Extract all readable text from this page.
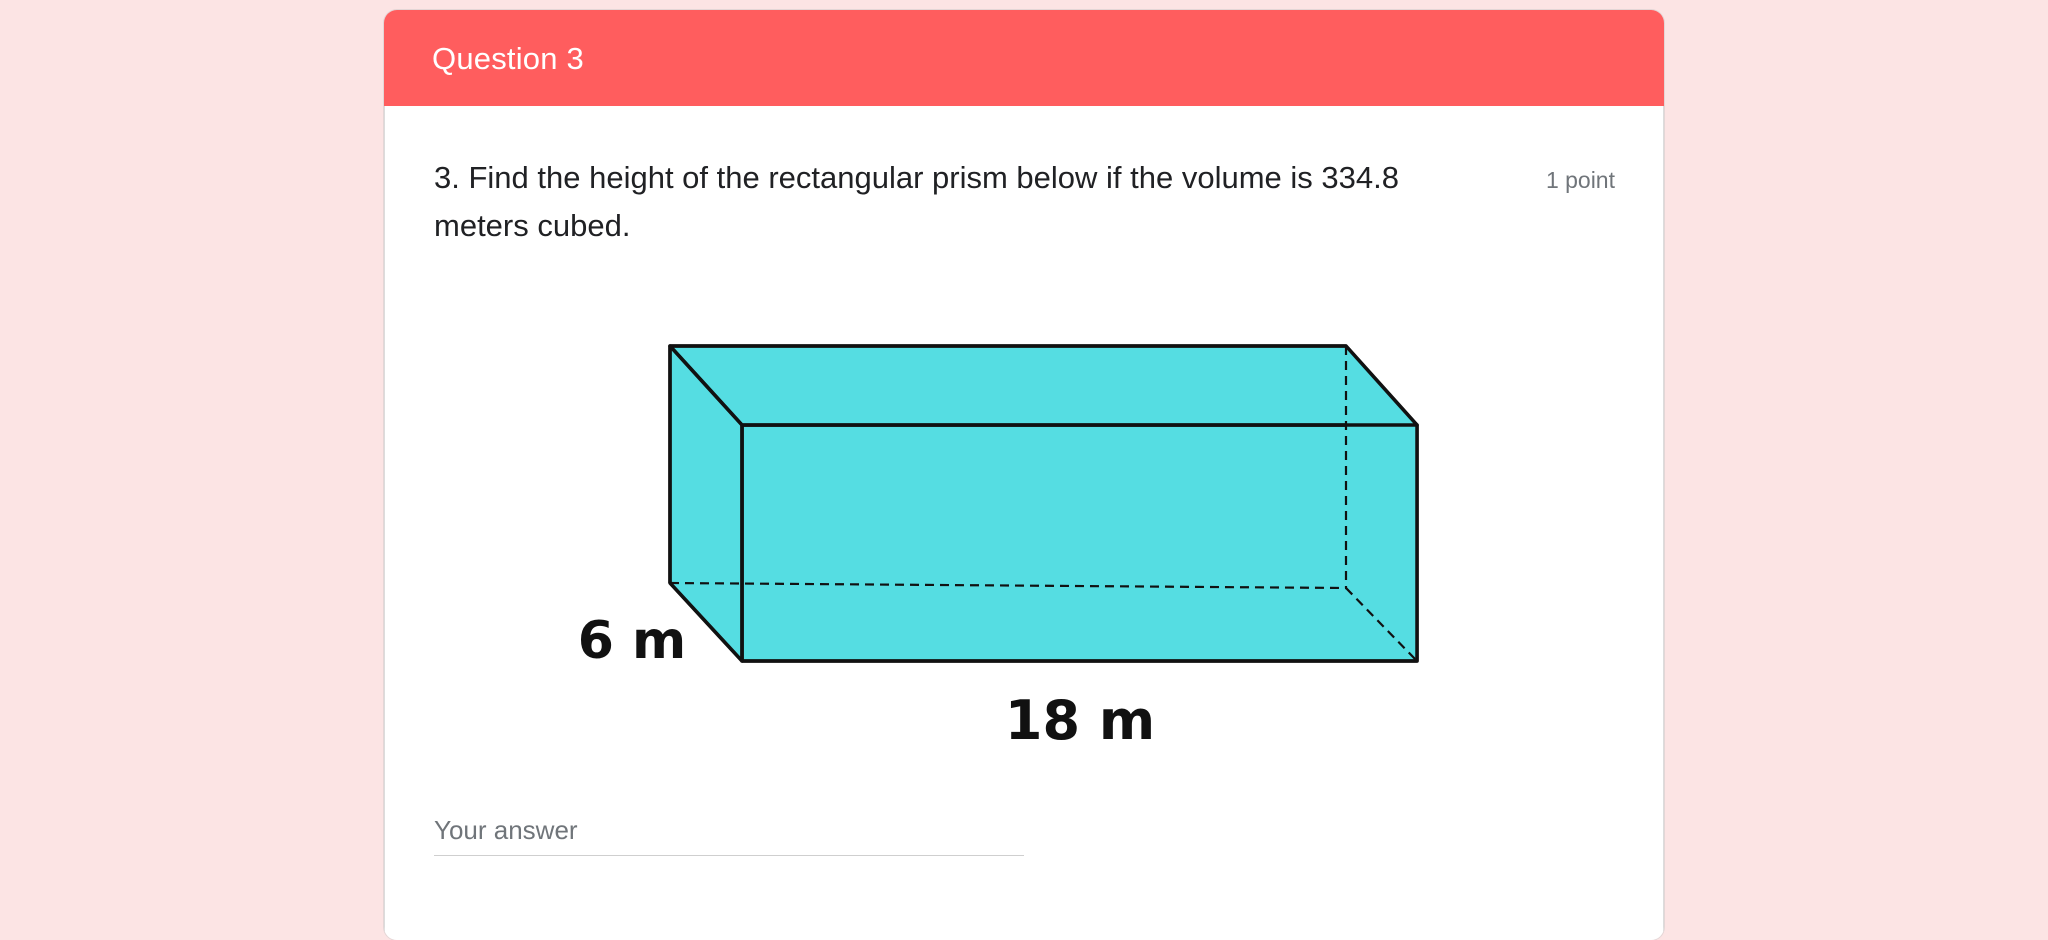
Question 3
3. Find the height of the rectangular prism below if the volume is 334.8 meters cubed.
1 point
6 m
18 m
Your answer
